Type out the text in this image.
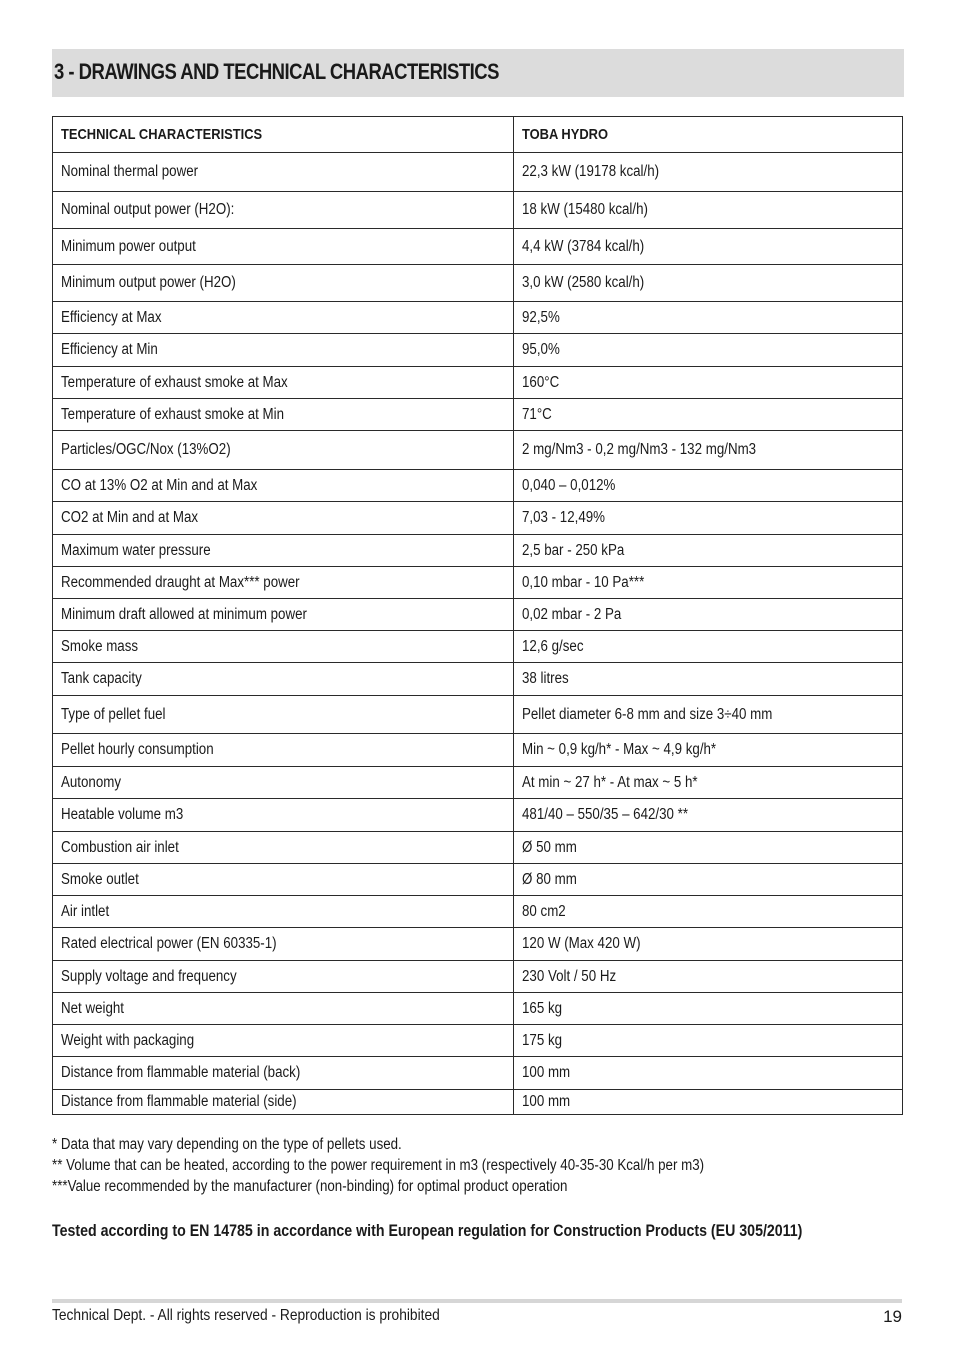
3 - DRAWINGS AND TECHNICAL CHARACTERISTICS
TECHNICAL CHARACTERISTICS	TOBA HYDRO
Nominal thermal power	22,3 kW (19178 kcal/h)
Nominal output power (H2O):	18 kW (15480 kcal/h)
Minimum power output	4,4 kW (3784 kcal/h)
Minimum output power (H2O)	3,0 kW (2580 kcal/h)
Efficiency at Max	92,5%
Efficiency at Min	95,0%
Temperature of exhaust smoke at Max	160°C
Temperature of exhaust smoke at Min	71°C
Particles/OGC/Nox (13%O2)	2 mg/Nm3 - 0,2 mg/Nm3 - 132 mg/Nm3
CO at 13% O2 at Min and at Max	0,040 – 0,012%
CO2 at Min and at Max	7,03 - 12,49%
Maximum water pressure	2,5 bar - 250 kPa
Recommended draught at Max*** power	0,10 mbar - 10 Pa***
Minimum draft allowed at minimum power	0,02 mbar - 2 Pa
Smoke mass	12,6 g/sec
Tank capacity	38 litres
Type of pellet fuel	Pellet diameter 6-8 mm and size 3÷40 mm
Pellet hourly consumption	Min ~ 0,9 kg/h* - Max ~ 4,9 kg/h*
Autonomy	At min ~ 27 h* - At max ~ 5 h*
Heatable volume m3	481/40 – 550/35 – 642/30 **
Combustion air inlet	Ø 50 mm
Smoke outlet	Ø 80 mm
Air intlet	80 cm2
Rated electrical power (EN 60335-1)	120 W (Max 420 W)
Supply voltage and frequency	230 Volt / 50 Hz
Net weight	165 kg
Weight with packaging	175 kg
Distance from flammable material (back)	100 mm
Distance from flammable material (side)	100 mm
* Data that may vary depending on the type of pellets used.
** Volume that can be heated, according to the power requirement in m3 (respectively 40-35-30 Kcal/h per m3)
***Value recommended by the manufacturer (non-binding) for optimal product operation
Tested according to EN 14785 in accordance with European regulation for Construction Products (EU 305/2011)
Technical Dept. - All rights reserved - Reproduction is prohibited	19
